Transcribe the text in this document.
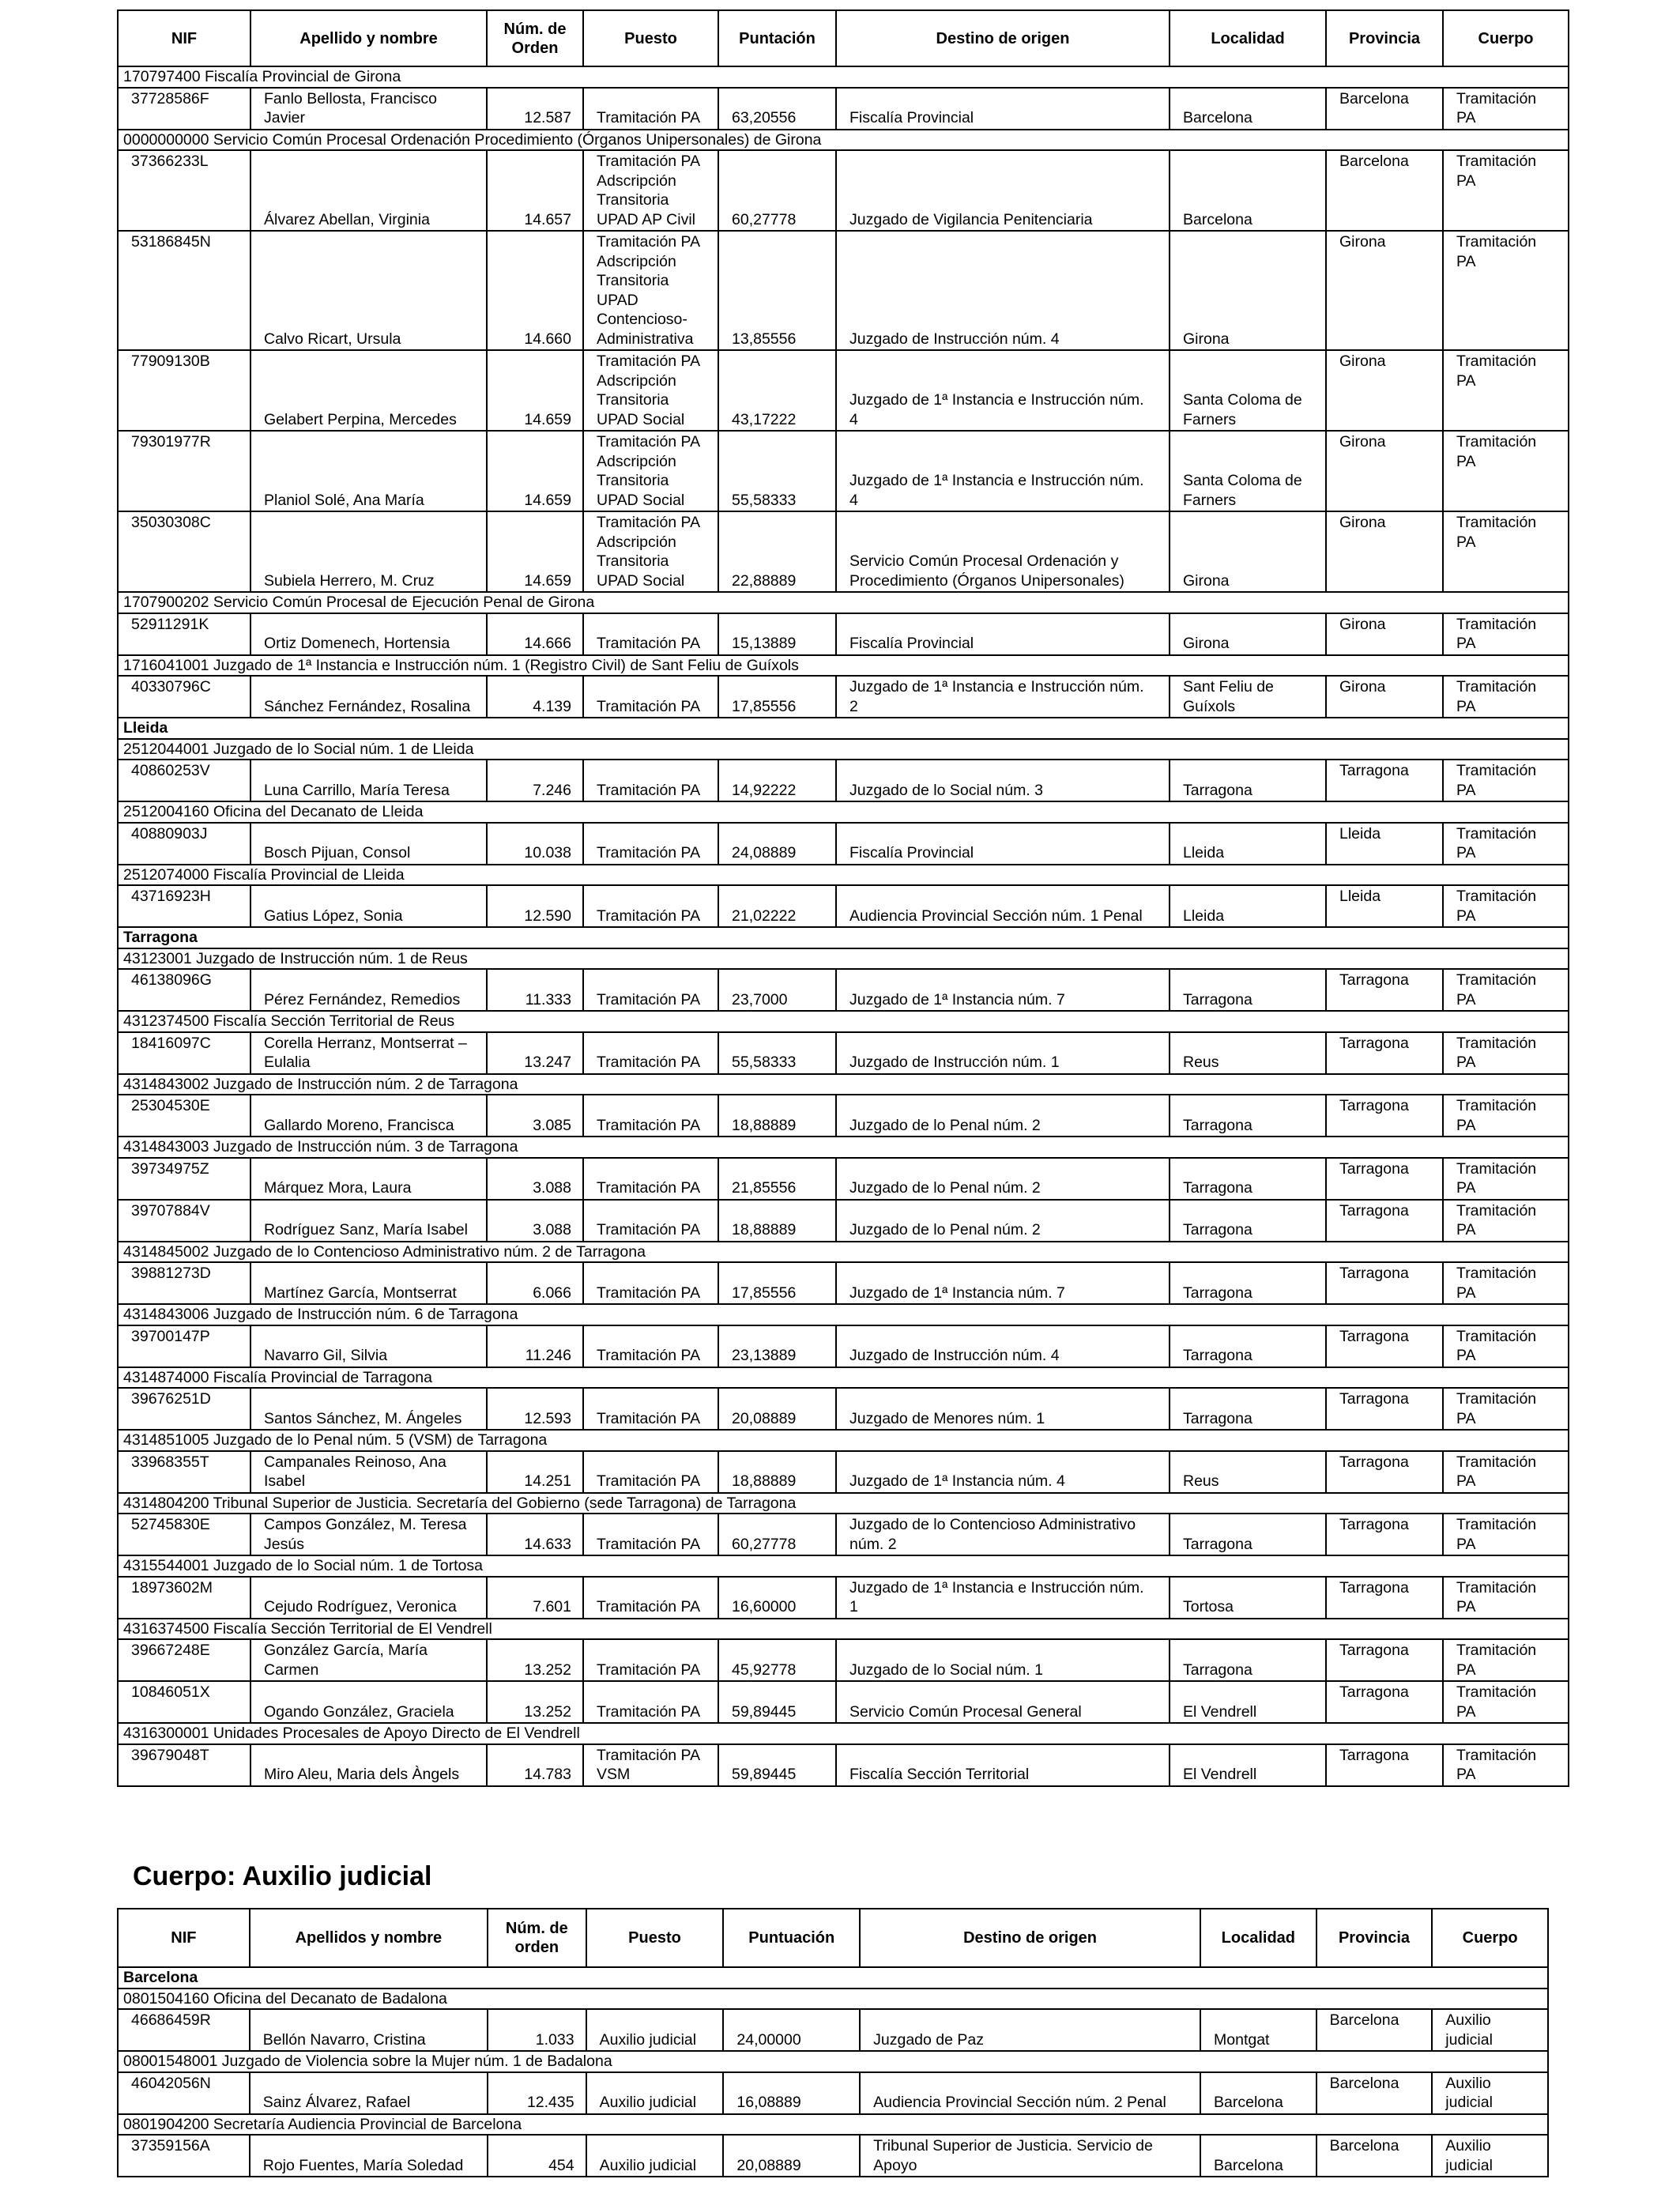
NIF	Apellido y nombre	Núm. de Orden	Puesto	Puntación	Destino de origen	Localidad	Provincia	Cuerpo
170797400 Fiscalía Provincial de Girona								
37728586F	Fanlo Bellosta, Francisco Javier	12.587	Tramitación PA	63,20556	Fiscalía Provincial	Barcelona	Barcelona	Tramitación PA
0000000000 Servicio Común Procesal Ordenación Procedimiento (Órganos Unipersonales) de Girona								
37366233L	Álvarez Abellan, Virginia	14.657	Tramitación PA Adscripción Transitoria UPAD AP Civil	60,27778	Juzgado de Vigilancia Penitenciaria	Barcelona	Barcelona	Tramitación PA
53186845N	Calvo Ricart, Ursula	14.660	Tramitación PA Adscripción Transitoria UPAD Contencioso-Administrativa	13,85556	Juzgado de Instrucción núm. 4	Girona	Girona	Tramitación PA
77909130B	Gelabert Perpina, Mercedes	14.659	Tramitación PA Adscripción Transitoria UPAD Social	43,17222	Juzgado de 1ª Instancia e Instrucción núm. 4	Santa Coloma de Farners	Girona	Tramitación PA
79301977R	Planiol Solé, Ana María	14.659	Tramitación PA Adscripción Transitoria UPAD Social	55,58333	Juzgado de 1ª Instancia e Instrucción núm. 4	Santa Coloma de Farners	Girona	Tramitación PA
35030308C	Subiela Herrero, M. Cruz	14.659	Tramitación PA Adscripción Transitoria UPAD Social	22,88889	Servicio Común Procesal Ordenación y Procedimiento (Órganos Unipersonales)	Girona	Girona	Tramitación PA
1707900202 Servicio Común Procesal de Ejecución Penal de Girona								
52911291K	Ortiz Domenech, Hortensia	14.666	Tramitación PA	15,13889	Fiscalía Provincial	Girona	Girona	Tramitación PA
1716041001 Juzgado de 1ª Instancia e Instrucción núm. 1 (Registro Civil) de Sant Feliu de Guíxols								
40330796C	Sánchez Fernández, Rosalina	4.139	Tramitación PA	17,85556	Juzgado de 1ª Instancia e Instrucción núm. 2	Sant Feliu de Guíxols	Girona	Tramitación PA
Lleida								
2512044001 Juzgado de lo Social núm. 1 de Lleida								
40860253V	Luna Carrillo, María Teresa	7.246	Tramitación PA	14,92222	Juzgado de lo Social núm. 3	Tarragona	Tarragona	Tramitación PA
2512004160 Oficina del Decanato de Lleida								
40880903J	Bosch Pijuan, Consol	10.038	Tramitación PA	24,08889	Fiscalía Provincial	Lleida	Lleida	Tramitación PA
2512074000 Fiscalía Provincial de Lleida								
43716923H	Gatius López, Sonia	12.590	Tramitación PA	21,02222	Audiencia Provincial Sección núm. 1 Penal	Lleida	Lleida	Tramitación PA
Tarragona								
43123001 Juzgado de Instrucción núm. 1 de Reus								
46138096G	Pérez Fernández, Remedios	11.333	Tramitación PA	23,7000	Juzgado de 1ª Instancia núm. 7	Tarragona	Tarragona	Tramitación PA
4312374500 Fiscalía Sección Territorial de Reus								
18416097C	Corella Herranz, Montserrat –Eulalia	13.247	Tramitación PA	55,58333	Juzgado de Instrucción núm. 1	Reus	Tarragona	Tramitación PA
4314843002 Juzgado de Instrucción núm. 2 de Tarragona								
25304530E	Gallardo Moreno, Francisca	3.085	Tramitación PA	18,88889	Juzgado de lo Penal núm. 2	Tarragona	Tarragona	Tramitación PA
4314843003 Juzgado de Instrucción núm. 3 de Tarragona								
39734975Z	Márquez Mora, Laura	3.088	Tramitación PA	21,85556	Juzgado de lo Penal núm. 2	Tarragona	Tarragona	Tramitación PA
39707884V	Rodríguez Sanz, María Isabel	3.088	Tramitación PA	18,88889	Juzgado de lo Penal núm. 2	Tarragona	Tarragona	Tramitación PA
4314845002 Juzgado de lo Contencioso Administrativo núm. 2 de Tarragona								
39881273D	Martínez García, Montserrat	6.066	Tramitación PA	17,85556	Juzgado de 1ª Instancia núm. 7	Tarragona	Tarragona	Tramitación PA
4314843006 Juzgado de Instrucción núm. 6 de Tarragona								
39700147P	Navarro Gil, Silvia	11.246	Tramitación PA	23,13889	Juzgado de Instrucción núm. 4	Tarragona	Tarragona	Tramitación PA
4314874000 Fiscalía Provincial de Tarragona								
39676251D	Santos Sánchez, M. Ángeles	12.593	Tramitación PA	20,08889	Juzgado de Menores núm. 1	Tarragona	Tarragona	Tramitación PA
4314851005 Juzgado de lo Penal núm. 5 (VSM) de Tarragona								
33968355T	Campanales Reinoso, Ana Isabel	14.251	Tramitación PA	18,88889	Juzgado de 1ª Instancia núm. 4	Reus	Tarragona	Tramitación PA
4314804200 Tribunal Superior de Justicia. Secretaría del Gobierno (sede Tarragona) de Tarragona								
52745830E	Campos González, M. Teresa Jesús	14.633	Tramitación PA	60,27778	Juzgado de lo Contencioso Administrativo núm. 2	Tarragona	Tarragona	Tramitación PA
4315544001 Juzgado de lo Social núm. 1 de Tortosa								
18973602M	Cejudo Rodríguez, Veronica	7.601	Tramitación PA	16,60000	Juzgado de 1ª Instancia e Instrucción núm. 1	Tortosa	Tarragona	Tramitación PA
4316374500 Fiscalía Sección Territorial de El Vendrell								
39667248E	González García, María Carmen	13.252	Tramitación PA	45,92778	Juzgado de lo Social núm. 1	Tarragona	Tarragona	Tramitación PA
10846051X	Ogando González, Graciela	13.252	Tramitación PA	59,89445	Servicio Común Procesal General	El Vendrell	Tarragona	Tramitación PA
4316300001 Unidades Procesales de Apoyo Directo de El Vendrell								
39679048T	Miro Aleu, Maria dels Àngels	14.783	Tramitación PA VSM	59,89445	Fiscalía Sección Territorial	El Vendrell	Tarragona	Tramitación PA
Cuerpo: Auxilio judicial
NIF	Apellidos y nombre	Núm. de orden	Puesto	Puntuación	Destino de origen	Localidad	Provincia	Cuerpo
Barcelona								
0801504160 Oficina del Decanato de Badalona								
46686459R	Bellón Navarro, Cristina	1.033	Auxilio judicial	24,00000	Juzgado de Paz	Montgat	Barcelona	Auxilio judicial
08001548001 Juzgado de Violencia sobre la Mujer núm. 1 de Badalona								
46042056N	Sainz Álvarez, Rafael	12.435	Auxilio judicial	16,08889	Audiencia Provincial Sección núm. 2 Penal	Barcelona	Barcelona	Auxilio judicial
0801904200 Secretaría Audiencia Provincial de Barcelona								
37359156A	Rojo Fuentes, María Soledad	454	Auxilio judicial	20,08889	Tribunal Superior de Justicia. Servicio de Apoyo	Barcelona	Barcelona	Auxilio judicial
